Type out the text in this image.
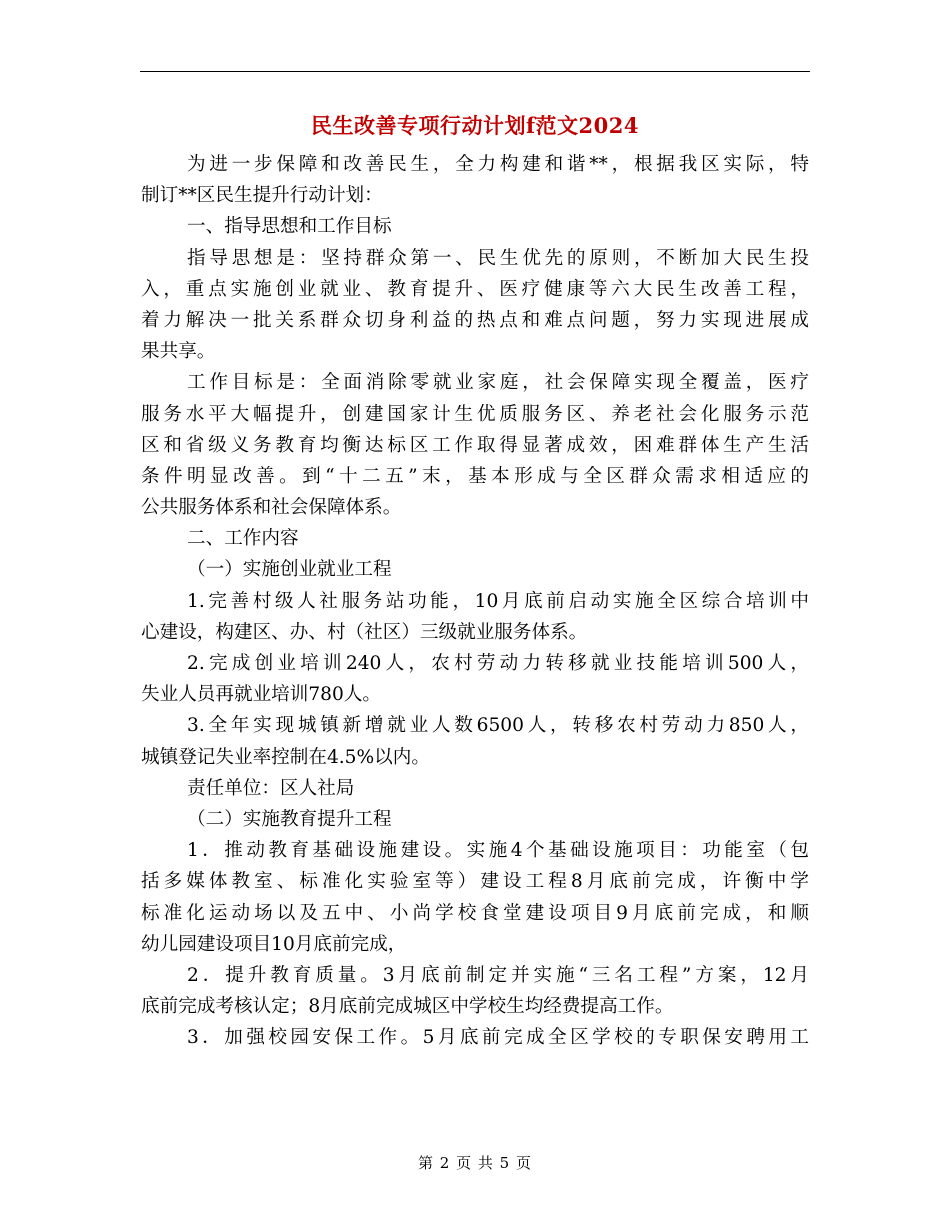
民生改善专项行动计划f范文2024
为进一步保障和改善民生，全力构建和谐**，根据我区实际，特
制订**区民生提升行动计划：
一、指导思想和工作目标
指导思想是：坚持群众第一、民生优先的原则，不断加大民生投
入，重点实施创业就业、教育提升、医疗健康等六大民生改善工程，
着力解决一批关系群众切身利益的热点和难点问题，努力实现进展成
果共享。
工作目标是：全面消除零就业家庭，社会保障实现全覆盖，医疗
服务水平大幅提升，创建国家计生优质服务区、养老社会化服务示范
区和省级义务教育均衡达标区工作取得显著成效，困难群体生产生活
条件明显改善。到“十二五”末，基本形成与全区群众需求相适应的
公共服务体系和社会保障体系。
二、工作内容
（一）实施创业就业工程
1.完善村级人社服务站功能，10月底前启动实施全区综合培训中
心建设，构建区、办、村（社区）三级就业服务体系。
2.完成创业培训240人，农村劳动力转移就业技能培训500人，
失业人员再就业培训780人。
3.全年实现城镇新增就业人数6500人，转移农村劳动力850人，
城镇登记失业率控制在4.5%以内。
责任单位：区人社局
（二）实施教育提升工程
1．推动教育基础设施建设。实施4个基础设施项目：功能室（包
括多媒体教室、标准化实验室等）建设工程8月底前完成，许衡中学
标准化运动场以及五中、小尚学校食堂建设项目9月底前完成，和顺
幼儿园建设项目10月底前完成，
2．提升教育质量。3月底前制定并实施“三名工程”方案，12月
底前完成考核认定；8月底前完成城区中学校生均经费提高工作。
3．加强校园安保工作。5月底前完成全区学校的专职保安聘用工
第 2 页 共 5 页
